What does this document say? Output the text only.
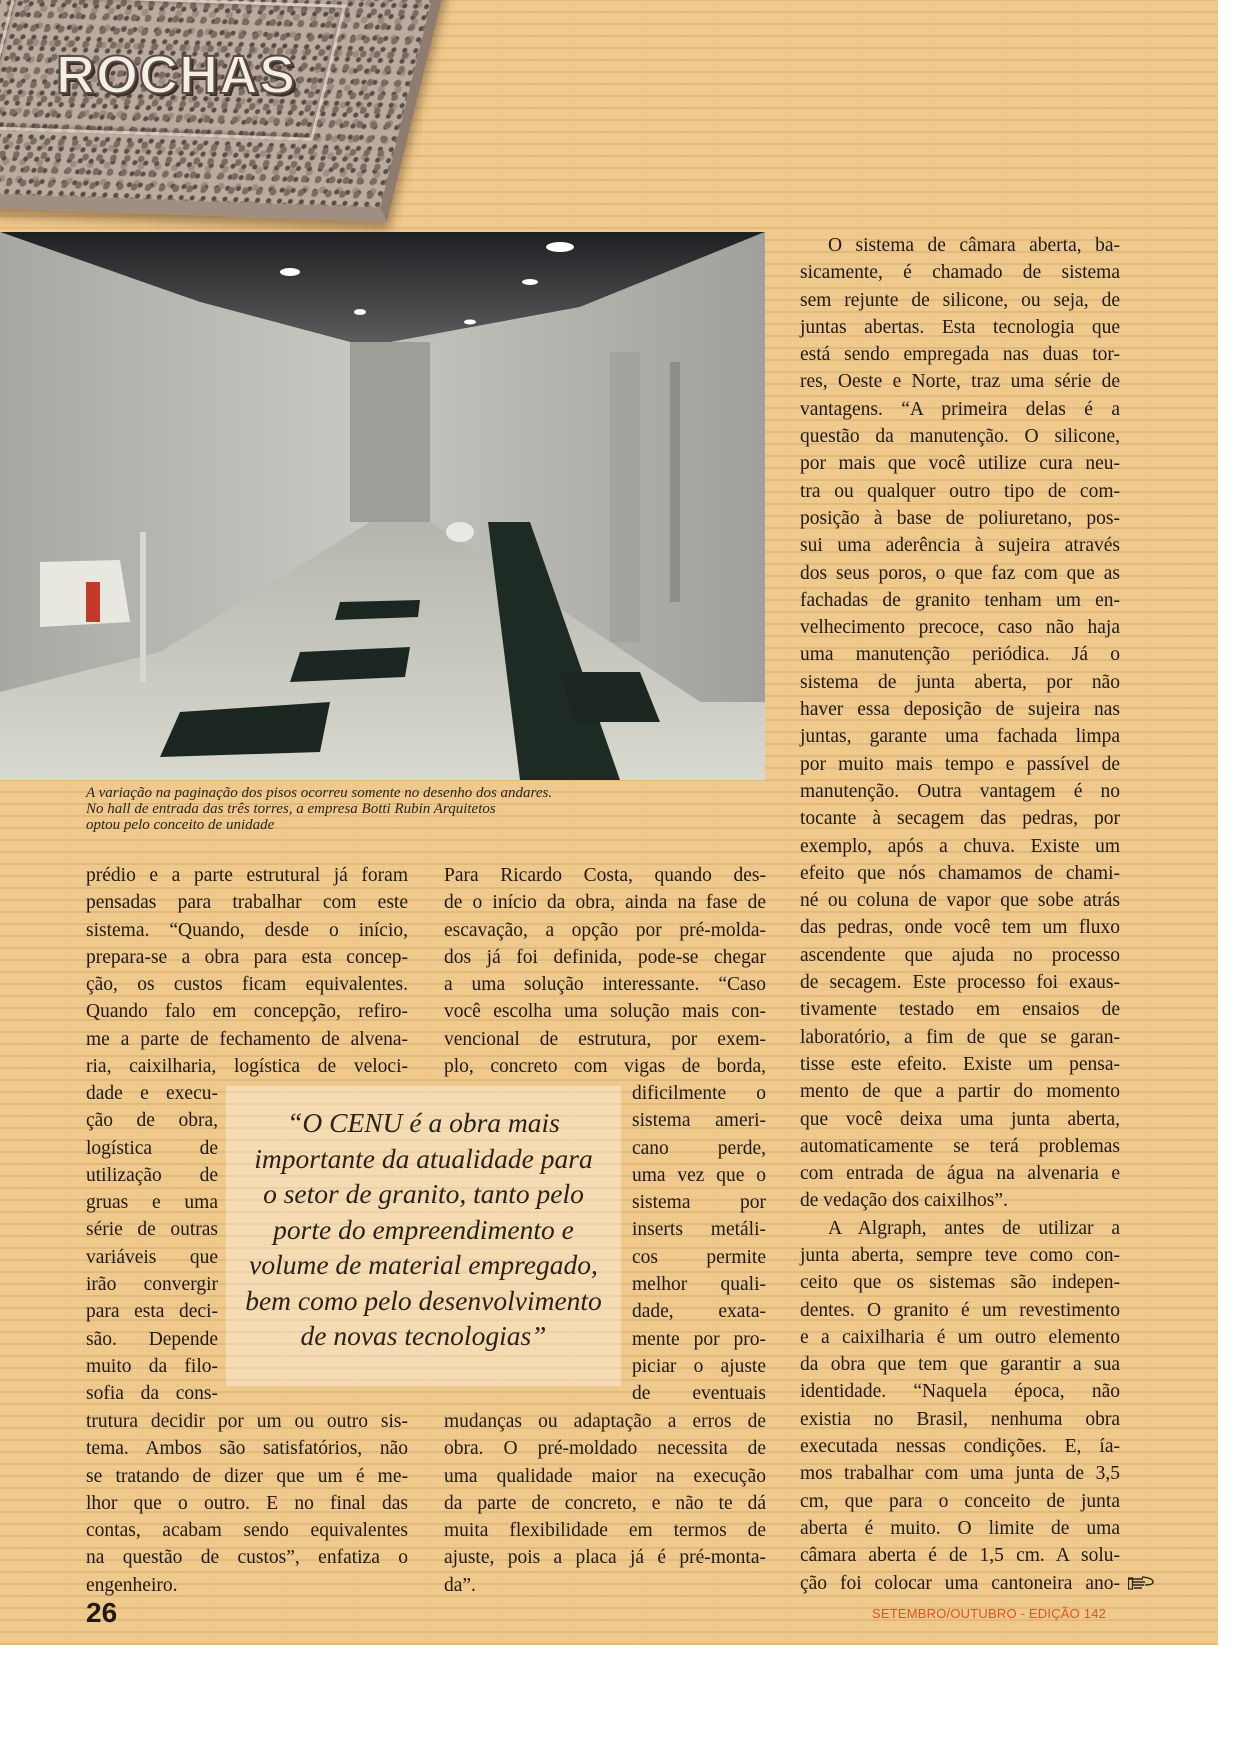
ROCHAS
A variação na paginação dos pisos ocorreu somente no desenho dos andares.
No hall de entrada das três torres, a empresa Botti Rubin Arquitetos
optou pelo conceito de unidade
prédio e a parte estrutural já foram
pensadas para trabalhar com este
sistema. “Quando, desde o início,
prepara-se a obra para esta concep-
ção, os custos ficam equivalentes.
Quando falo em concepção, refiro-
me a parte de fechamento de alvena-
ria, caixilharia, logística de veloci-
dade e execu-
ção de obra,
logística de
utilização de
gruas e uma
série de outras
variáveis que
irão convergir
para esta deci-
são. Depende
muito da filo-
sofia da cons-
trutura decidir por um ou outro sis-
tema. Ambos são satisfatórios, não
se tratando de dizer que um é me-
lhor que o outro. E no final das
contas, acabam sendo equivalentes
na questão de custos”, enfatiza o
engenheiro.
Para Ricardo Costa, quando des-
de o início da obra, ainda na fase de
escavação, a opção por pré-molda-
dos já foi definida, pode-se chegar
a uma solução interessante. “Caso
você escolha uma solução mais con-
vencional de estrutura, por exem-
plo, concreto com vigas de borda,
dificilmente o
sistema ameri-
cano perde,
uma vez que o
sistema por
inserts metáli-
cos permite
melhor quali-
dade, exata-
mente por pro-
piciar o ajuste
de eventuais
mudanças ou adaptação a erros de
obra. O pré-moldado necessita de
uma qualidade maior na execução
da parte de concreto, e não te dá
muita flexibilidade em termos de
ajuste, pois a placa já é pré-monta-
da”.
O sistema de câmara aberta, ba-
sicamente, é chamado de sistema
sem rejunte de silicone, ou seja, de
juntas abertas. Esta tecnologia que
está sendo empregada nas duas tor-
res, Oeste e Norte, traz uma série de
vantagens. “A primeira delas é a
questão da manutenção. O silicone,
por mais que você utilize cura neu-
tra ou qualquer outro tipo de com-
posição à base de poliuretano, pos-
sui uma aderência à sujeira através
dos seus poros, o que faz com que as
fachadas de granito tenham um en-
velhecimento precoce, caso não haja
uma manutenção periódica. Já o
sistema de junta aberta, por não
haver essa deposição de sujeira nas
juntas, garante uma fachada limpa
por muito mais tempo e passível de
manutenção. Outra vantagem é no
tocante à secagem das pedras, por
exemplo, após a chuva. Existe um
efeito que nós chamamos de chami-
né ou coluna de vapor que sobe atrás
das pedras, onde você tem um fluxo
ascendente que ajuda no processo
de secagem. Este processo foi exaus-
tivamente testado em ensaios de
laboratório, a fim de que se garan-
tisse este efeito. Existe um pensa-
mento de que a partir do momento
que você deixa uma junta aberta,
automaticamente se terá problemas
com entrada de água na alvenaria e
de vedação dos caixilhos”.
A Algraph, antes de utilizar a
junta aberta, sempre teve como con-
ceito que os sistemas são indepen-
dentes. O granito é um revestimento
e a caixilharia é um outro elemento
da obra que tem que garantir a sua
identidade. “Naquela época, não
existia no Brasil, nenhuma obra
executada nessas condições. E, ía-
mos trabalhar com uma junta de 3,5
cm, que para o conceito de junta
aberta é muito. O limite de uma
câmara aberta é de 1,5 cm. A solu-
ção foi colocar uma cantoneira ano-
“O CENU é a obra mais
importante da atualidade para
o setor de granito, tanto pelo
porte do empreendimento e
volume de material empregado,
bem como pelo desenvolvimento
de novas tecnologias”
26	SETEMBRO/OUTUBRO - EDIÇÃO 142
